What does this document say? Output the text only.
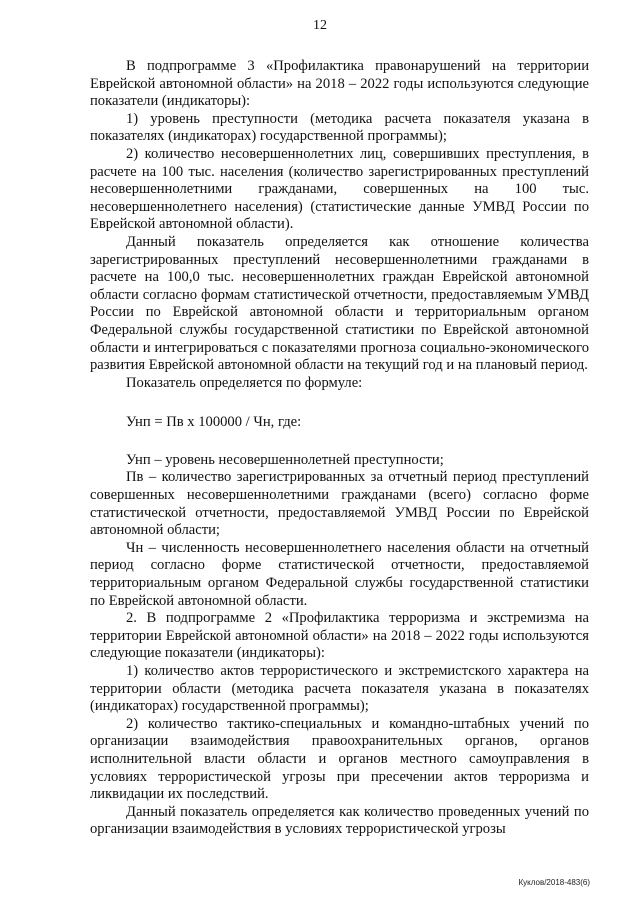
12

В подпрограмме 3 «Профилактика правонарушений на территории Еврейской автономной области» на 2018 – 2022 годы используются следующие показатели (индикаторы):

1) уровень преступности (методика расчета показателя указана в показателях (индикаторах) государственной программы);

2) количество несовершеннолетних лиц, совершивших преступления, в расчете на 100 тыс. населения (количество зарегистрированных преступлений несовершеннолетними гражданами, совершенных на 100 тыс. несовершеннолетнего населения) (статистические данные УМВД России по Еврейской автономной области).

Данный показатель определяется как отношение количества зарегистрированных преступлений несовершеннолетними гражданами в расчете на 100,0 тыс. несовершеннолетних граждан Еврейской автономной области согласно формам статистической отчетности, предоставляемым УМВД России по Еврейской автономной области и территориальным органом Федеральной службы государственной статистики по Еврейской автономной области и интегрироваться с показателями прогноза социально-экономического развития Еврейской автономной области на текущий год и на плановый период.

Показатель определяется по формуле:

Унп = Пв х 100000 / Чн, где:

Унп – уровень несовершеннолетней преступности;

Пв – количество зарегистрированных за отчетный период преступлений совершенных несовершеннолетними гражданами (всего) согласно форме статистической отчетности, предоставляемой УМВД России по Еврейской автономной области;

Чн – численность несовершеннолетнего населения области на отчетный период согласно форме статистической отчетности, предоставляемой территориальным органом Федеральной службы государственной статистики по Еврейской автономной области.

2. В подпрограмме 2 «Профилактика терроризма и экстремизма на территории Еврейской автономной области» на 2018 – 2022 годы используются следующие показатели (индикаторы):

1) количество актов террористического и экстремистского характера на территории области (методика расчета показателя указана в показателях (индикаторах) государственной программы);

2) количество тактико-специальных и командно-штабных учений по организации взаимодействия правоохранительных органов, органов исполнительной власти области и органов местного самоуправления в условиях террористической угрозы при пресечении актов терроризма и ликвидации их последствий.

Данный показатель определяется как количество проведенных учений по организации взаимодействия в условиях террористической угрозы

Куклов/2018-483(6)
